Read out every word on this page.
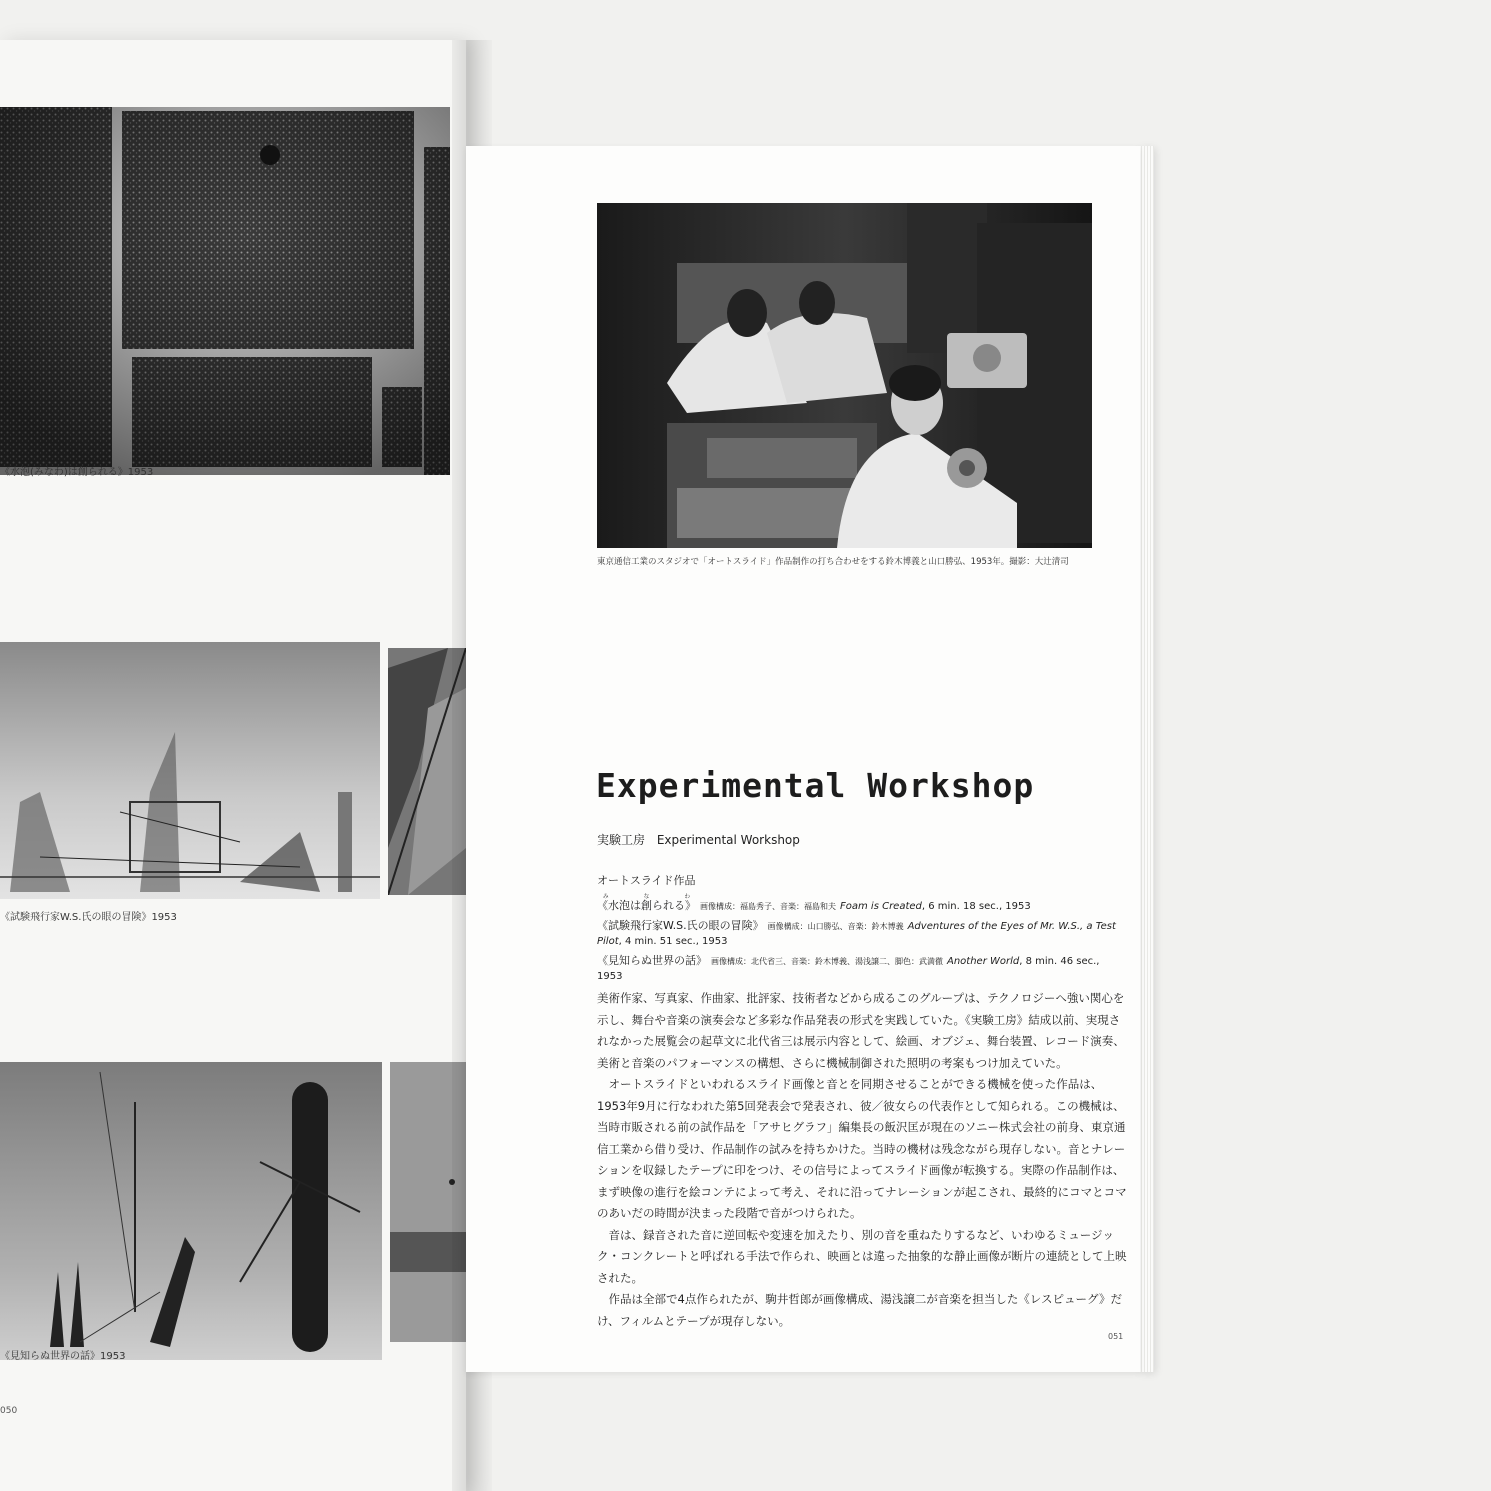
《水泡(みなわ)は創られる》1953
《試験飛行家W.S.氏の眼の冒険》1953
《見知らぬ世界の話》1953
050
東京通信工業のスタジオで「オートスライド」作品制作の打ち合わせをする鈴木博義と山口勝弘、1953年。撮影：大辻清司
Experimental Workshop
実験工房 Experimental Workshop
オートスライド作品
《水泡は創られる》みなわ画像構成：福島秀子、音楽：福島和夫 Foam is Created, 6 min. 18 sec., 1953
《試験飛行家W.S.氏の眼の冒険》 画像構成：山口勝弘、音楽：鈴木博義 Adventures of the Eyes of Mr. W.S., a Test Pilot, 4 min. 51 sec., 1953
《見知らぬ世界の話》 画像構成：北代省三、音楽：鈴木博義、湯浅譲二、脚色：武満徹 Another World, 8 min. 46 sec., 1953

美術作家、写真家、作曲家、批評家、技術者などから成るこのグループは、テクノロジーへ強い関心を示し、舞台や音楽の演奏会など多彩な作品発表の形式を実践していた。《実験工房》結成以前、実現されなかった展覧会の起草文に北代省三は展示内容として、絵画、オブジェ、舞台装置、レコード演奏、美術と音楽のパフォーマンスの構想、さらに機械制御された照明の考案もつけ加えていた。

オートスライドといわれるスライド画像と音とを同期させることができる機械を使った作品は、1953年9月に行なわれた第5回発表会で発表され、彼／彼女らの代表作として知られる。この機械は、当時市販される前の試作品を「アサヒグラフ」編集長の飯沢匡が現在のソニー株式会社の前身、東京通信工業から借り受け、作品制作の試みを持ちかけた。当時の機材は残念ながら現存しない。音とナレーションを収録したテープに印をつけ、その信号によってスライド画像が転換する。実際の作品制作は、まず映像の進行を絵コンテによって考え、それに沿ってナレーションが起こされ、最終的にコマとコマのあいだの時間が決まった段階で音がつけられた。

音は、録音された音に逆回転や変速を加えたり、別の音を重ねたりするなど、いわゆるミュージック・コンクレートと呼ばれる手法で作られ、映画とは違った抽象的な静止画像が断片の連続として上映された。

作品は全部で4点作られたが、駒井哲郎が画像構成、湯浅譲二が音楽を担当した《レスピューグ》だけ、フィルムとテープが現存しない。

051
